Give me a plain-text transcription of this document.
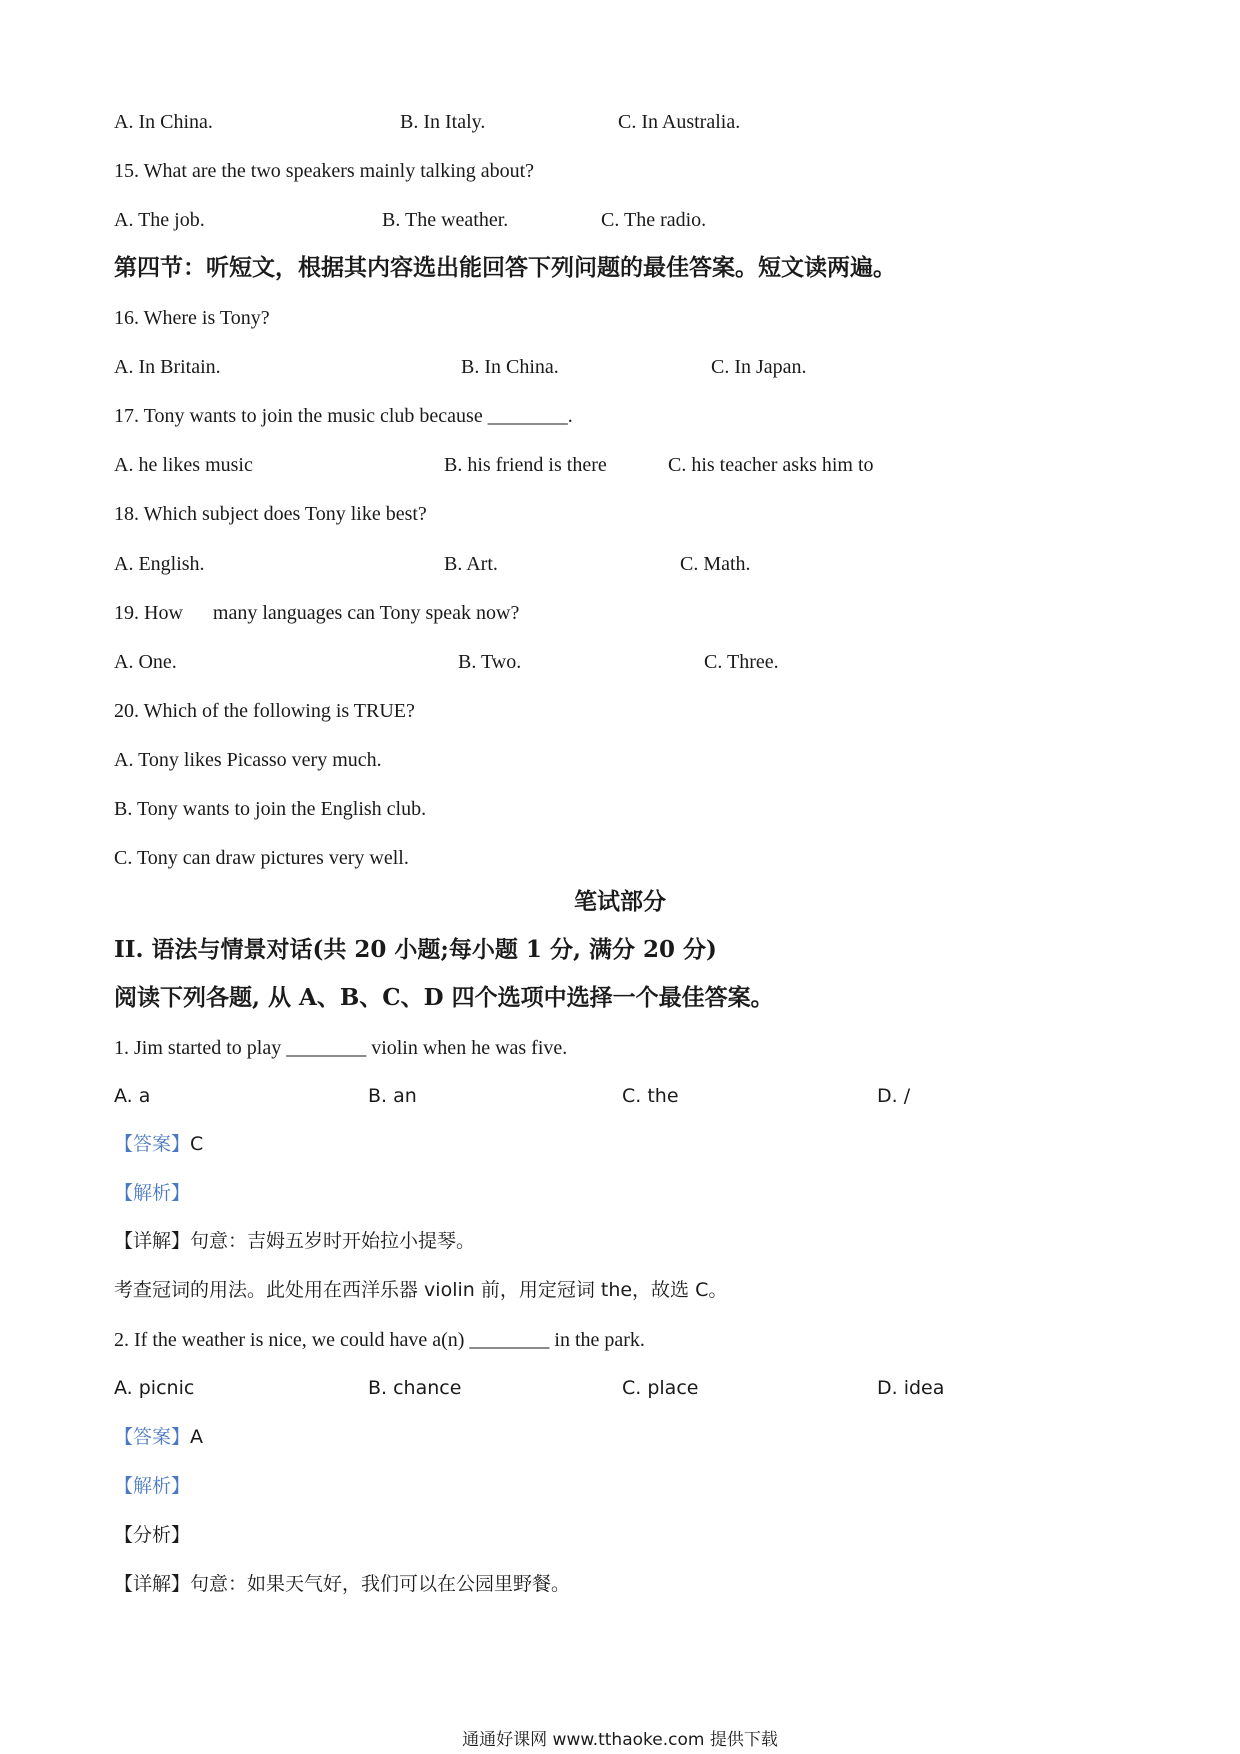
A. In China.	B. In Italy.	C. In Australia.
15. What are the two speakers mainly talking about?
A. The job.	B. The weather.	C. The radio.
第四节：听短文，根据其内容选出能回答下列问题的最佳答案。短文读两遍。
16. Where is Tony?
A. In Britain.	B. In China.	C. In Japan.
17. Tony wants to join the music club because ________.
A. he likes music	B. his friend is there	C. his teacher asks him to
18. Which subject does Tony like best?
A. English.	B. Art.	C. Math.
19. How      many languages can Tony speak now?
A. One.	B. Two.	C. Three.
20. Which of the following is TRUE?
A. Tony likes Picasso very much.
B. Tony wants to join the English club.
C. Tony can draw pictures very well.
笔试部分
II. 语法与情景对话(共 20 小题;每小题 1 分, 满分 20 分)
阅读下列各题, 从 A、B、C、D 四个选项中选择一个最佳答案。
1. Jim started to play ________ violin when he was five.
A. a	B. an	C. the	D. /
【答案】C
【解析】
【详解】句意：吉姆五岁时开始拉小提琴。
考查冠词的用法。此处用在西洋乐器 violin 前，用定冠词 the，故选 C。
2. If the weather is nice, we could have a(n) ________ in the park.
A. picnic	B. chance	C. place	D. idea
【答案】A
【解析】
【分析】
【详解】句意：如果天气好，我们可以在公园里野餐。
通通好课网 www.tthaoke.com 提供下载
